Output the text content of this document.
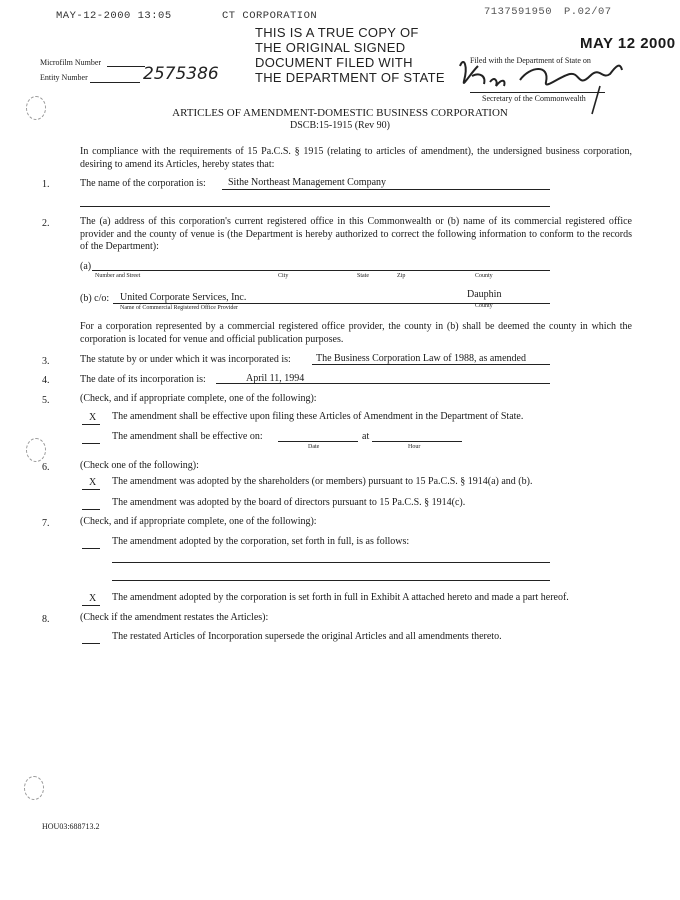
MAY-12-2000 13:05	CT CORPORATION	7137591950 P.02/07
THIS IS A TRUE COPY OF
THE ORIGINAL SIGNED
DOCUMENT FILED WITH
THE DEPARTMENT OF STATE
MAY 12 2000
Filed with the Department of State on
Secretary of the Commonwealth
Microfilm Number
Entity Number	2575386
ARTICLES OF AMENDMENT-DOMESTIC BUSINESS CORPORATION
DSCB:15-1915 (Rev 90)
In compliance with the requirements of 15 Pa.C.S. § 1915 (relating to articles of amendment), the undersigned business corporation, desiring to amend its Articles, hereby states that:
1.	The name of the corporation is: Sithe Northeast Management Company
2.	The (a) address of this corporation's current registered office in this Commonwealth or (b) name of its commercial registered office provider and the county of venue is (the Department is hereby authorized to correct the following information to conform to the records of the Department):
(a)
Number and Street	City	State	Zip	County
(b) c/o: United Corporate Services, Inc.	Dauphin
Name of Commercial Registered Office Provider	County
For a corporation represented by a commercial registered office provider, the county in (b) shall be deemed the county in which the corporation is located for venue and official publication purposes.
3.	The statute by or under which it was incorporated is:	The Business Corporation Law of 1988, as amended
4.	The date of its incorporation is:	April 11, 1994
5.	(Check, and if appropriate complete, one of the following):
X The amendment shall be effective upon filing these Articles of Amendment in the Department of State.
The amendment shall be effective on:	at
Date	Hour
6.	(Check one of the following):
X The amendment was adopted by the shareholders (or members) pursuant to 15 Pa.C.S. § 1914(a) and (b).
The amendment was adopted by the board of directors pursuant to 15 Pa.C.S. § 1914(c).
7.	(Check, and if appropriate complete, one of the following):
The amendment adopted by the corporation, set forth in full, is as follows:
X The amendment adopted by the corporation is set forth in full in Exhibit A attached hereto and made a part hereof.
8.	(Check if the amendment restates the Articles):
The restated Articles of Incorporation supersede the original Articles and all amendments thereto.
HOU03:688713.2
